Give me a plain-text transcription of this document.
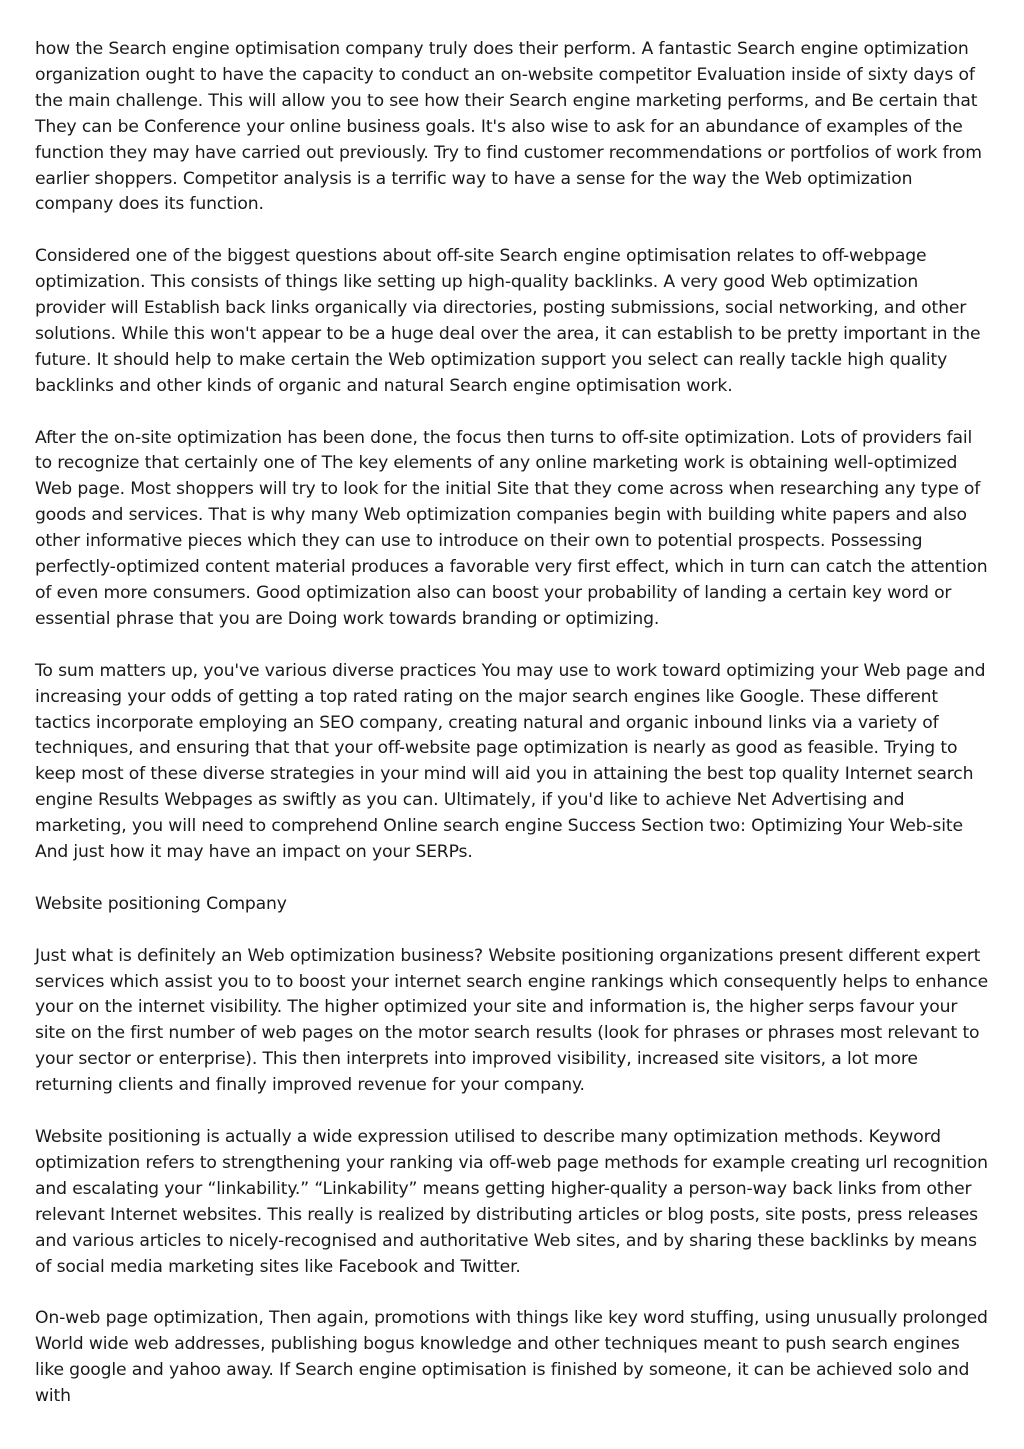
how the Search engine optimisation company truly does their perform. A fantastic Search engine optimization organization ought to have the capacity to conduct an on-website competitor Evaluation inside of sixty days of the main challenge. This will allow you to see how their Search engine marketing performs, and Be certain that They can be Conference your online business goals. It's also wise to ask for an abundance of examples of the function they may have carried out previously. Try to find customer recommendations or portfolios of work from earlier shoppers. Competitor analysis is a terrific way to have a sense for the way the Web optimization company does its function.

Considered one of the biggest questions about off-site Search engine optimisation relates to off-webpage optimization. This consists of things like setting up high-quality backlinks. A very good Web optimization provider will Establish back links organically via directories, posting submissions, social networking, and other solutions. While this won't appear to be a huge deal over the area, it can establish to be pretty important in the future. It should help to make certain the Web optimization support you select can really tackle high quality backlinks and other kinds of organic and natural Search engine optimisation work.

After the on-site optimization has been done, the focus then turns to off-site optimization. Lots of providers fail to recognize that certainly one of The key elements of any online marketing work is obtaining well-optimized Web page. Most shoppers will try to look for the initial Site that they come across when researching any type of goods and services. That is why many Web optimization companies begin with building white papers and also other informative pieces which they can use to introduce on their own to potential prospects. Possessing perfectly-optimized content material produces a favorable very first effect, which in turn can catch the attention of even more consumers. Good optimization also can boost your probability of landing a certain key word or essential phrase that you are Doing work towards branding or optimizing.

To sum matters up, you've various diverse practices You may use to work toward optimizing your Web page and increasing your odds of getting a top rated rating on the major search engines like Google. These different tactics incorporate employing an SEO company, creating natural and organic inbound links via a variety of techniques, and ensuring that that your off-website page optimization is nearly as good as feasible. Trying to keep most of these diverse strategies in your mind will aid you in attaining the best top quality Internet search engine Results Webpages as swiftly as you can. Ultimately, if you'd like to achieve Net Advertising and marketing, you will need to comprehend Online search engine Success Section two: Optimizing Your Web-site And just how it may have an impact on your SERPs.

Website positioning Company

Just what is definitely an Web optimization business? Website positioning organizations present different expert services which assist you to to boost your internet search engine rankings which consequently helps to enhance your on the internet visibility. The higher optimized your site and information is, the higher serps favour your site on the first number of web pages on the motor search results (look for phrases or phrases most relevant to your sector or enterprise). This then interprets into improved visibility, increased site visitors, a lot more returning clients and finally improved revenue for your company.

Website positioning is actually a wide expression utilised to describe many optimization methods. Keyword optimization refers to strengthening your ranking via off-web page methods for example creating url recognition and escalating your “linkability.” “Linkability” means getting higher-quality a person-way back links from other relevant Internet websites. This really is realized by distributing articles or blog posts, site posts, press releases and various articles to nicely-recognised and authoritative Web sites, and by sharing these backlinks by means of social media marketing sites like Facebook and Twitter.

On-web page optimization, Then again, promotions with things like key word stuffing, using unusually prolonged World wide web addresses, publishing bogus knowledge and other techniques meant to push search engines like google and yahoo away. If Search engine optimisation is finished by someone, it can be achieved solo and with
